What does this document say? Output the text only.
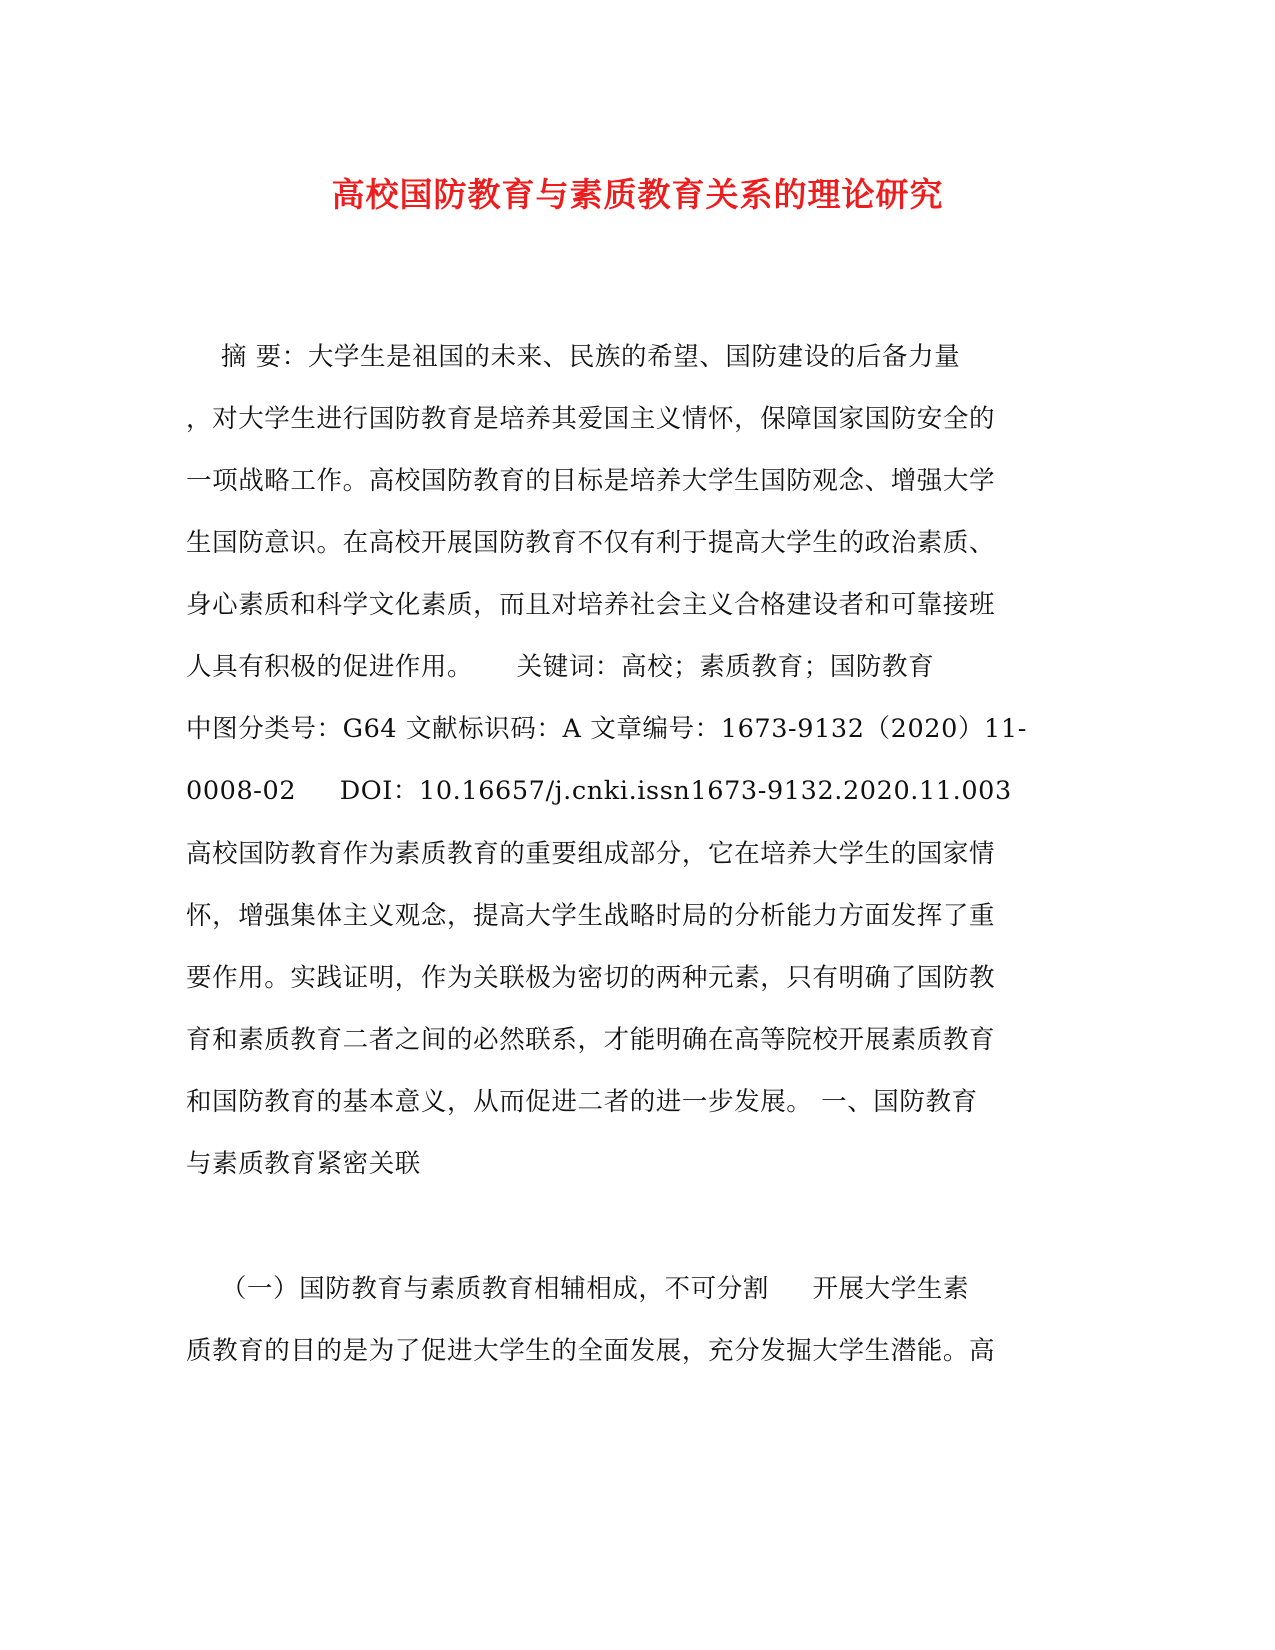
高校国防教育与素质教育关系的理论研究
摘 要：大学生是祖国的未来、民族的希望、国防建设的后备力量
，对大学生进行国防教育是培养其爱国主义情怀，保障国家国防安全的
一项战略工作。高校国防教育的目标是培养大学生国防观念、增强大学
生国防意识。在高校开展国防教育不仅有利于提高大学生的政治素质、
身心素质和科学文化素质，而且对培养社会主义合格建设者和可靠接班
人具有积极的促进作用。     关键词：高校；素质教育；国防教育
中图分类号：G64 文献标识码：A 文章编号：1673-9132（2020）11-
0008-02     DOI：10.16657/j.cnki.issn1673-9132.2020.11.003
高校国防教育作为素质教育的重要组成部分，它在培养大学生的国家情
怀，增强集体主义观念，提高大学生战略时局的分析能力方面发挥了重
要作用。实践证明，作为关联极为密切的两种元素，只有明确了国防教
育和素质教育二者之间的必然联系，才能明确在高等院校开展素质教育
和国防教育的基本意义，从而促进二者的进一步发展。 一、国防教育
与素质教育紧密关联
（一）国防教育与素质教育相辅相成，不可分割     开展大学生素
质教育的目的是为了促进大学生的全面发展，充分发掘大学生潜能。高
